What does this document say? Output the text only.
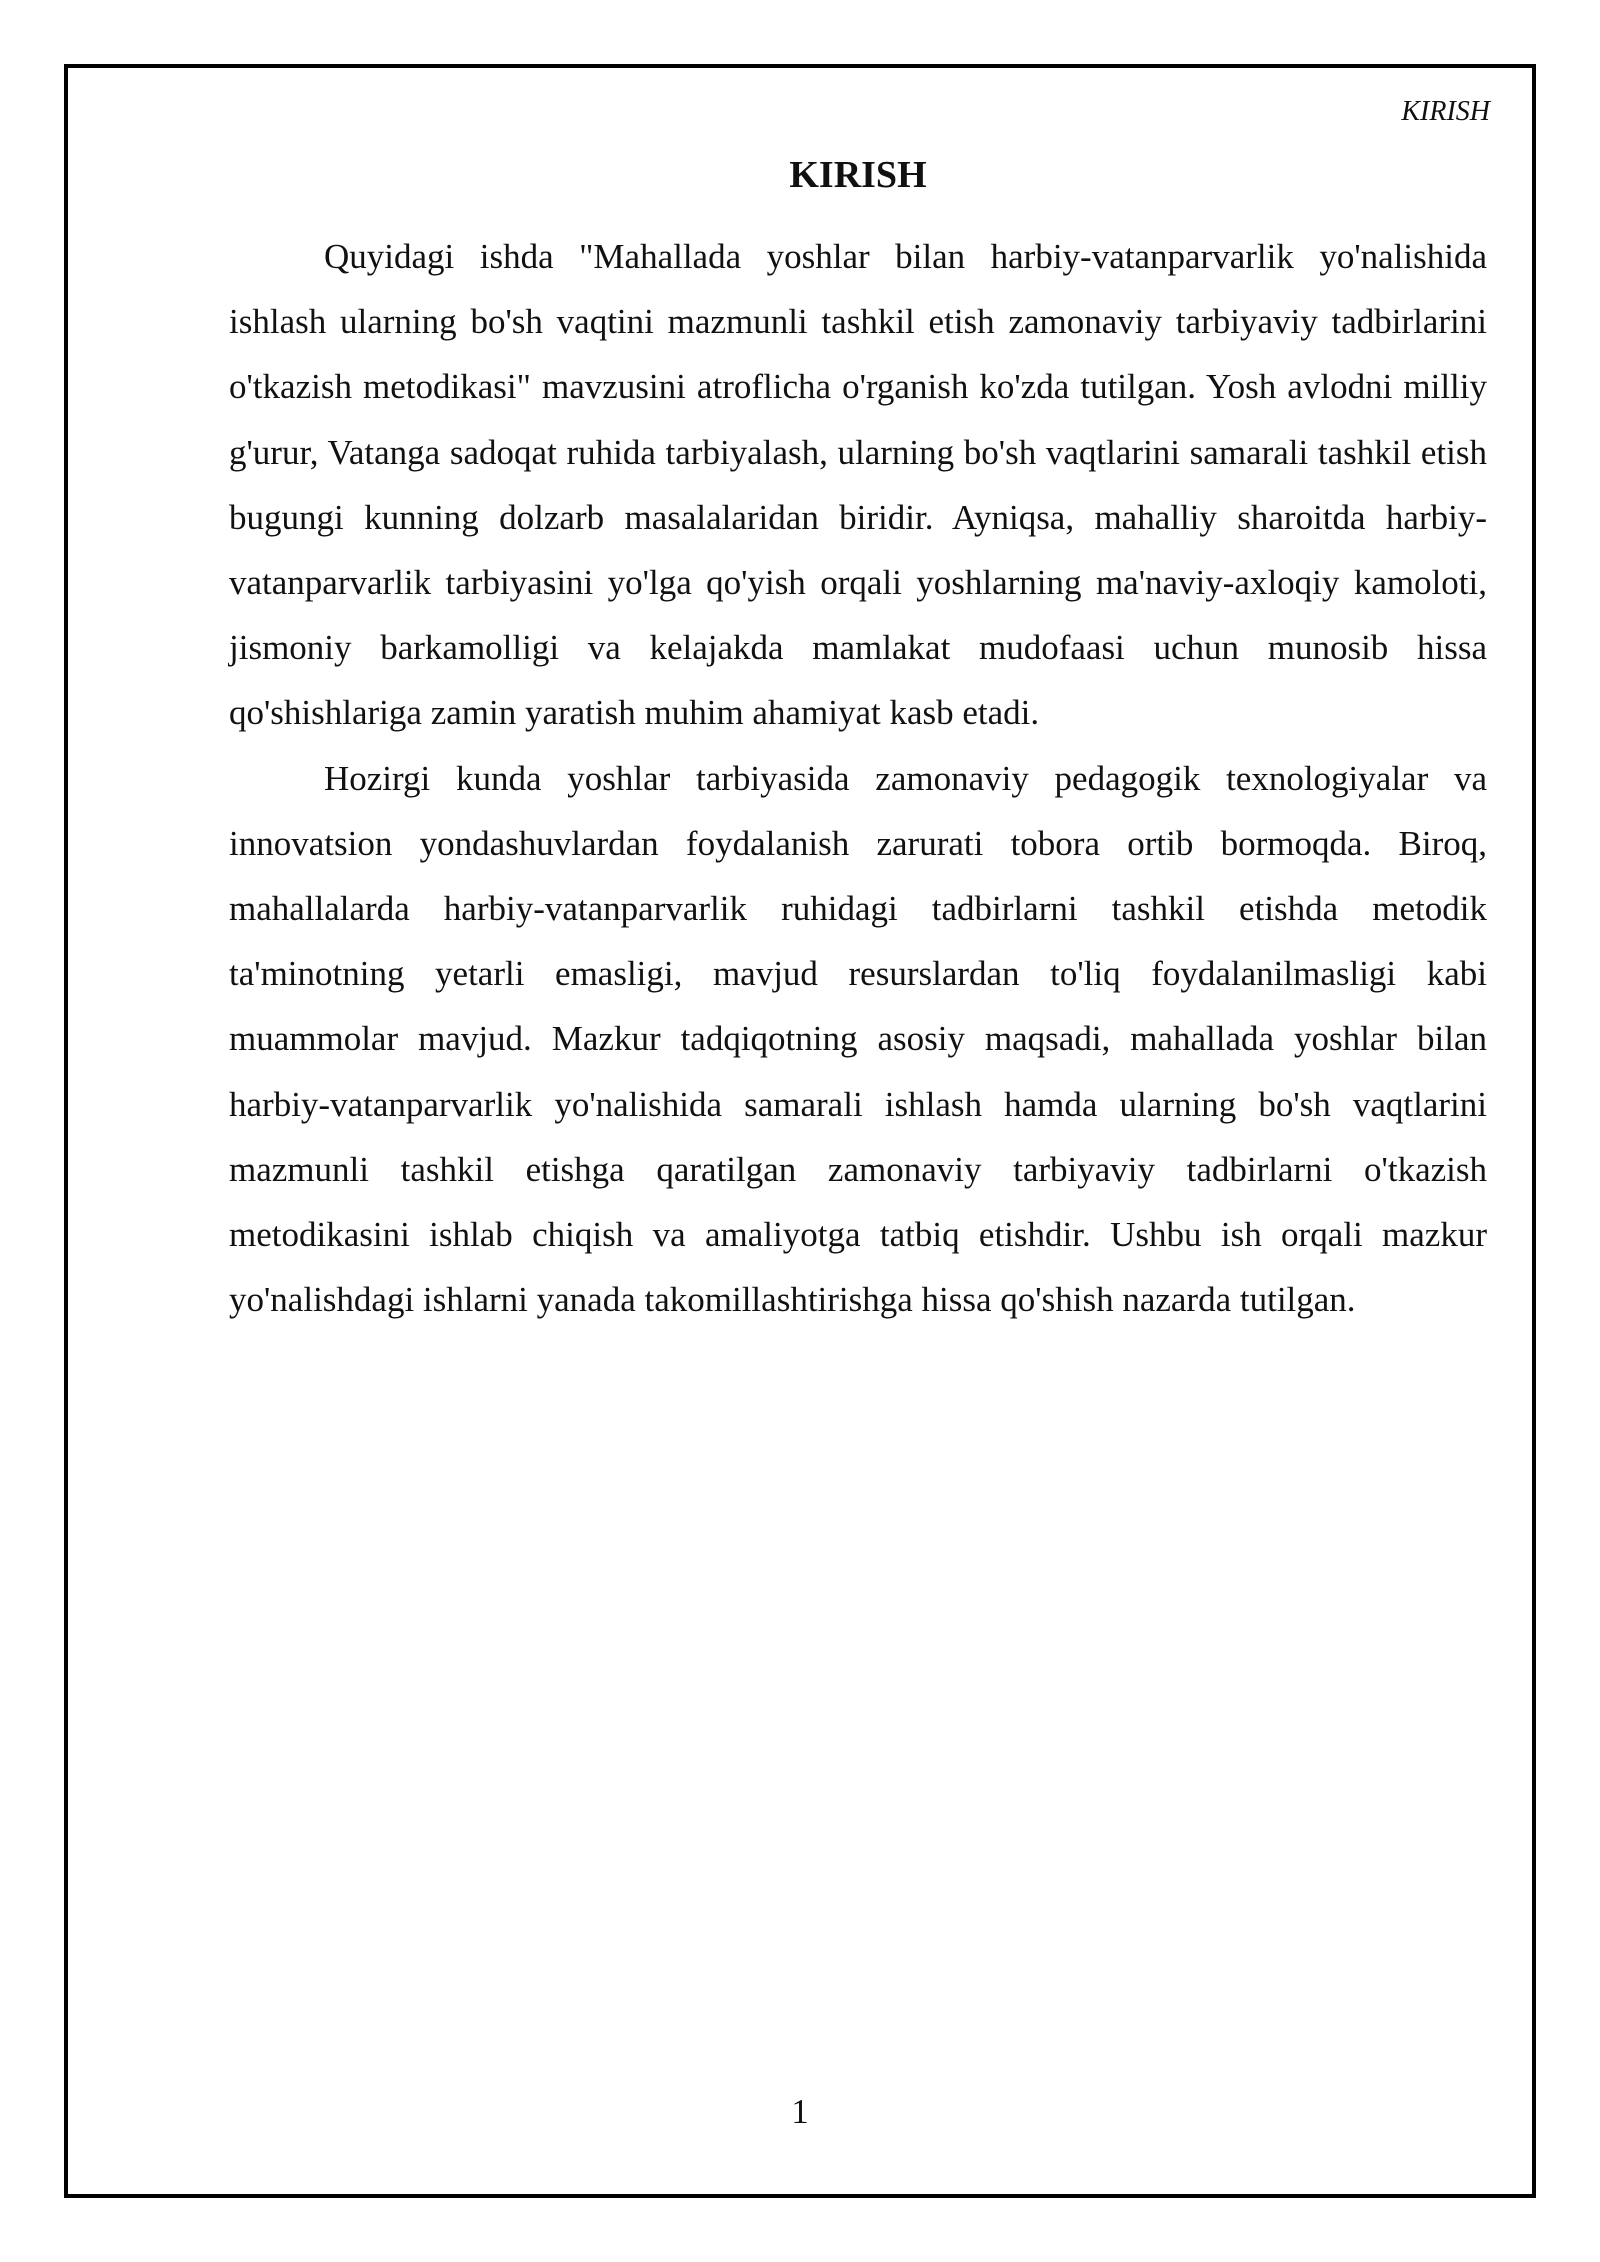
KIRISH
KIRISH

Quyidagi ishda "Mahallada yoshlar bilan harbiy-vatanparvarlik yo'nalishida ishlash ularning bo'sh vaqtini mazmunli tashkil etish zamonaviy tarbiyaviy tadbirlarini o'tkazish metodikasi" mavzusini atroflicha o'rganish ko'zda tutilgan. Yosh avlodni milliy g'urur, Vatanga sadoqat ruhida tarbiyalash, ularning bo'sh vaqtlarini samarali tashkil etish bugungi kunning dolzarb masalalaridan biridir. Ayniqsa, mahalliy sharoitda harbiy-vatanparvarlik tarbiyasini yo'lga qo'yish orqali yoshlarning ma'naviy-axloqiy kamoloti, jismoniy barkamolligi va kelajakda mamlakat mudofaasi uchun munosib hissa qo'shishlariga zamin yaratish muhim ahamiyat kasb etadi.

Hozirgi kunda yoshlar tarbiyasida zamonaviy pedagogik texnologiyalar va innovatsion yondashuvlardan foydalanish zarurati tobora ortib bormoqda. Biroq, mahallalarda harbiy-vatanparvarlik ruhidagi tadbirlarni tashkil etishda metodik ta'minotning yetarli emasligi, mavjud resurslardan to'liq foydalanilmasligi kabi muammolar mavjud. Mazkur tadqiqotning asosiy maqsadi, mahallada yoshlar bilan harbiy-vatanparvarlik yo'nalishida samarali ishlash hamda ularning bo'sh vaqtlarini mazmunli tashkil etishga qaratilgan zamonaviy tarbiyaviy tadbirlarni o'tkazish metodikasini ishlab chiqish va amaliyotga tatbiq etishdir. Ushbu ish orqali mazkur yo'nalishdagi ishlarni yanada takomillashtirishga hissa qo'shish nazarda tutilgan.

1
